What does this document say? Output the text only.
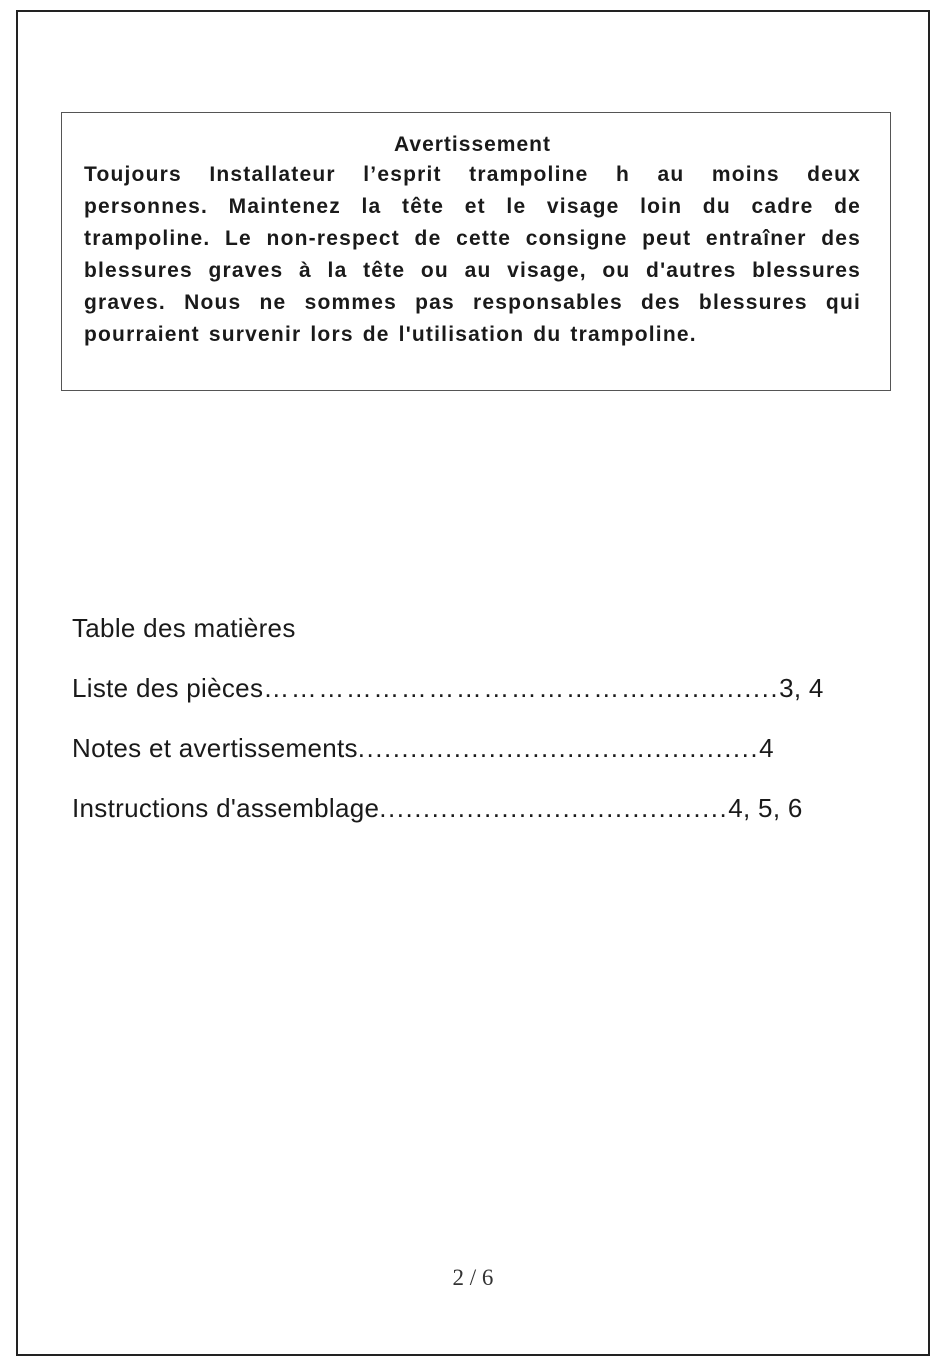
Avertissement
Toujours Installateur l’esprit trampoline h au moins deux personnes. Maintenez la tête et le visage loin du cadre de trampoline. Le non-respect de cette consigne peut entraîner des blessures graves à la tête ou au visage, ou d'autres blessures graves. Nous ne sommes pas responsables des blessures qui pourraient survenir lors de l'utilisation du trampoline.
Table des matières
Liste des pièces……………………………………...............3, 4
Notes et avertissements..............................................4
Instructions d'assemblage........................................4, 5, 6
2 / 6
